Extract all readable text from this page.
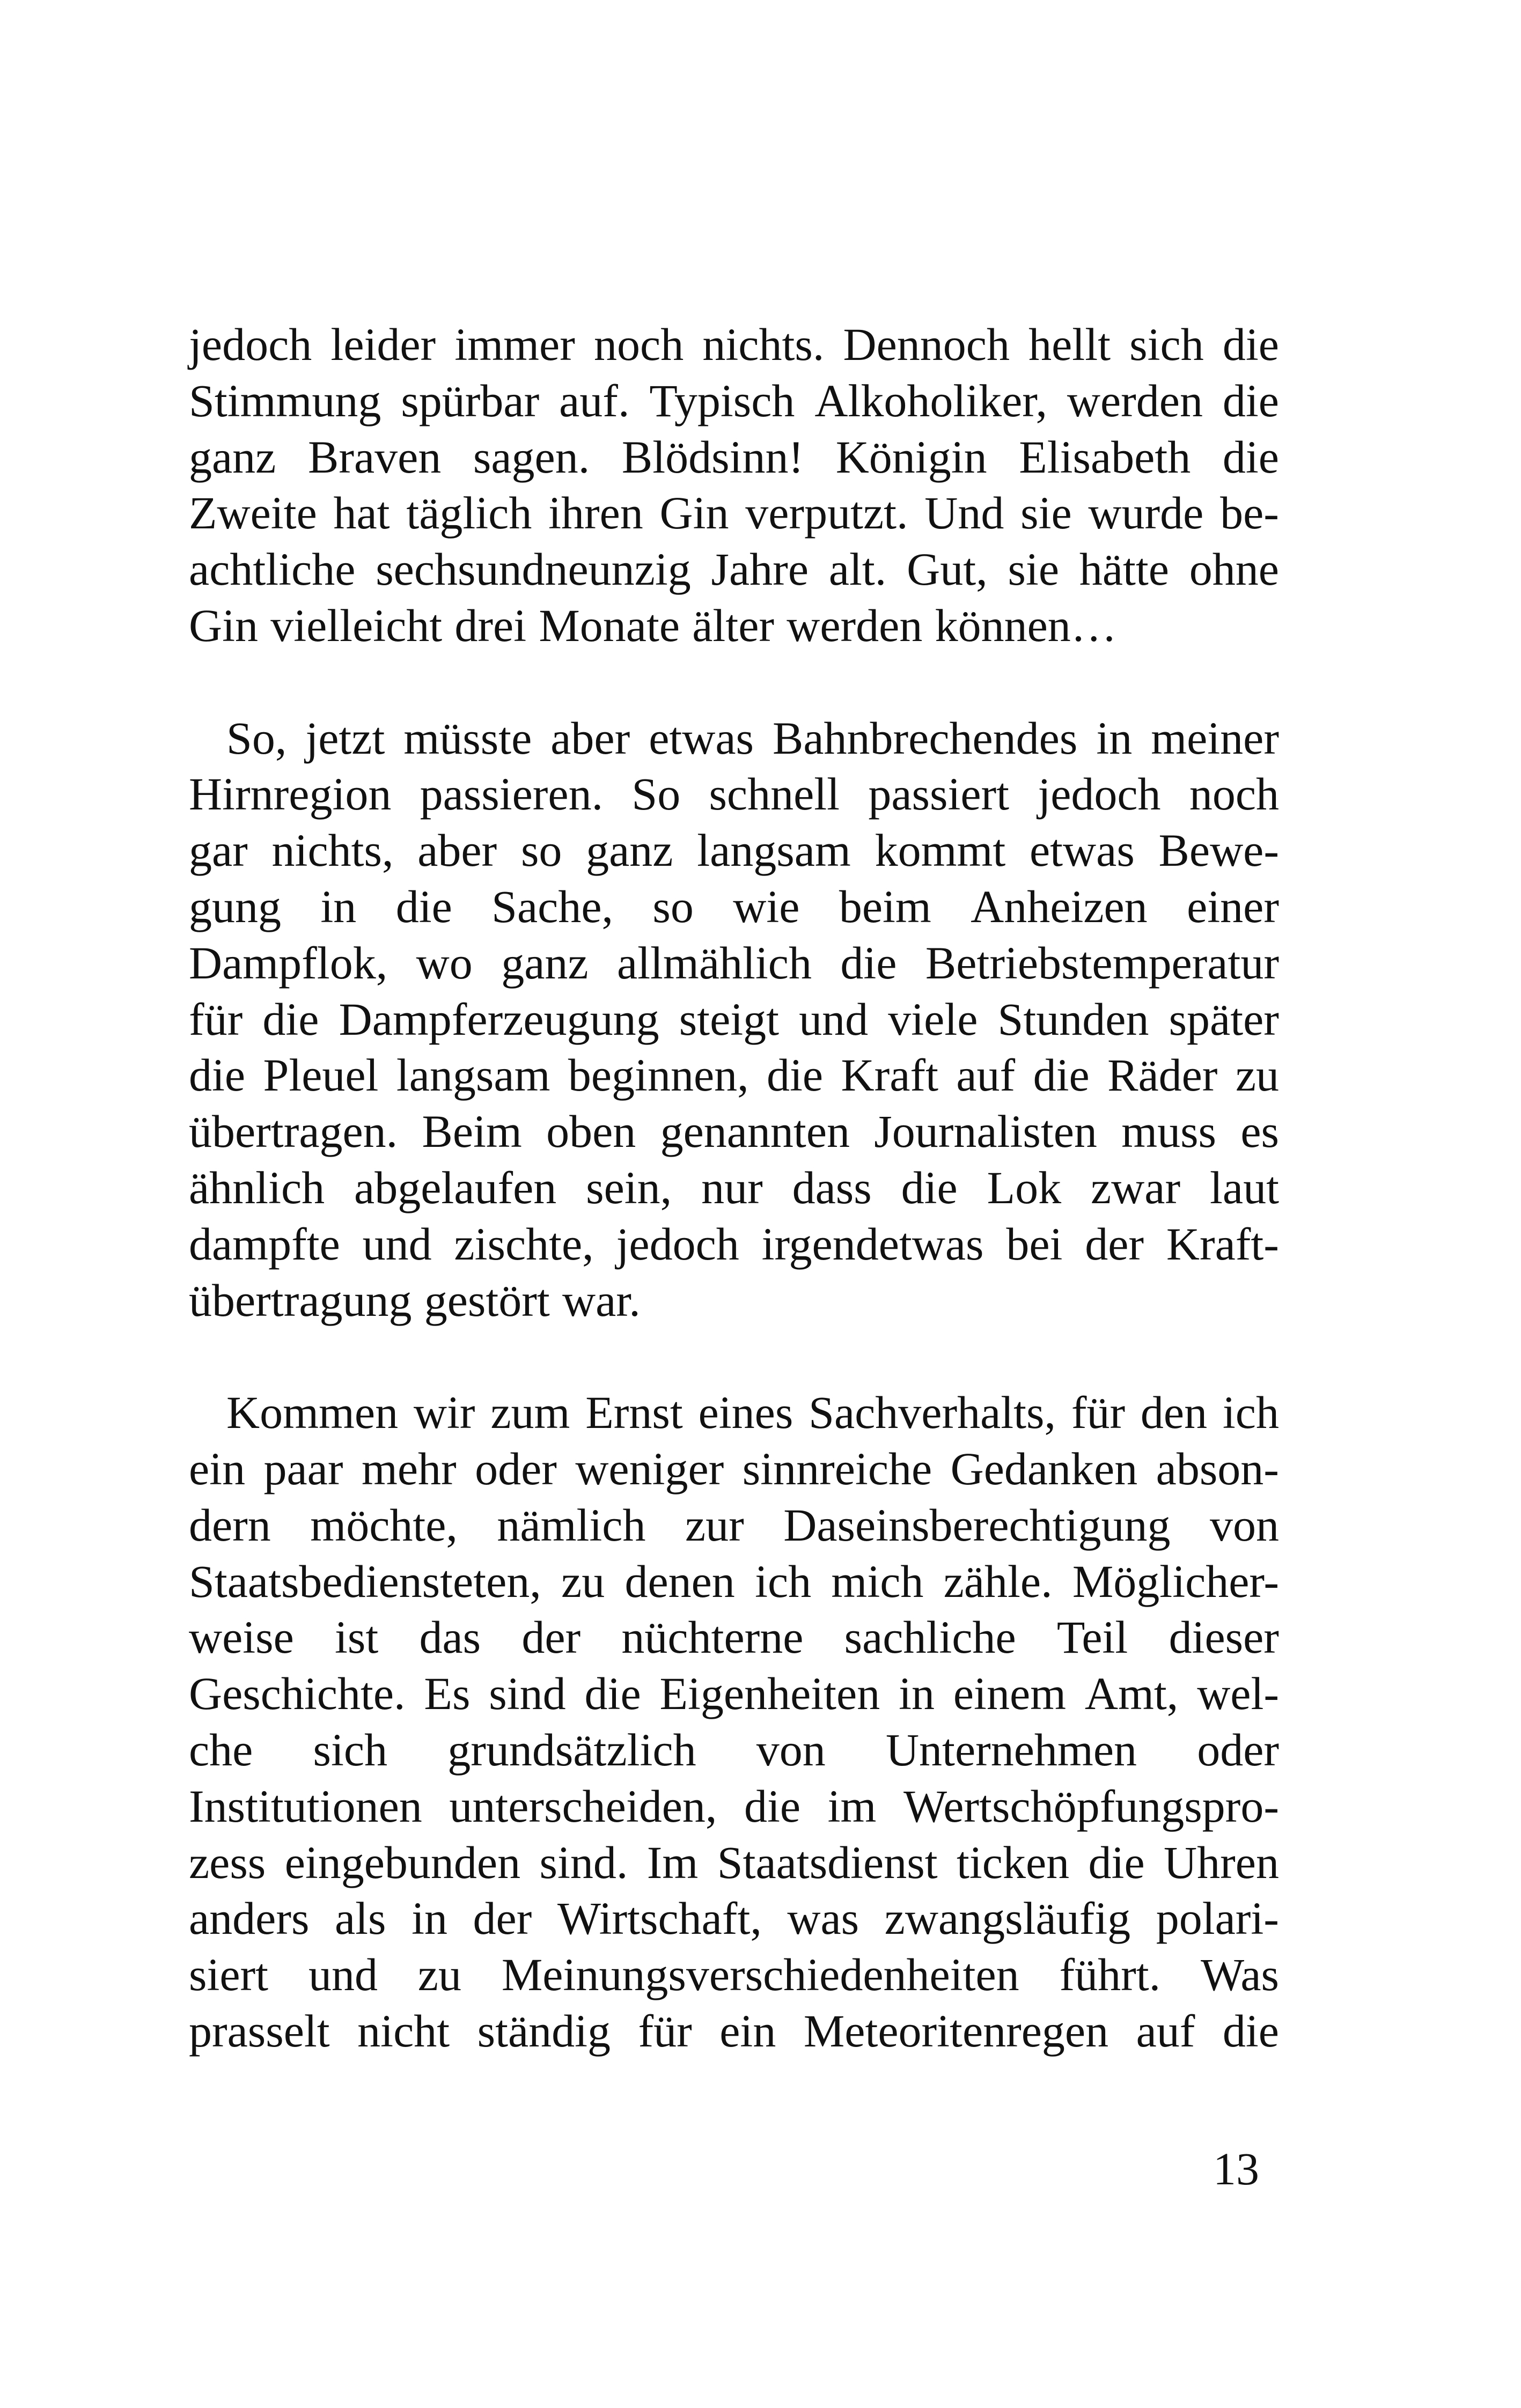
jedoch leider immer noch nichts. Dennoch hellt sich die
Stimmung spürbar auf. Typisch Alkoholiker, werden die
ganz Braven sagen. Blödsinn! Königin Elisabeth die
Zweite hat täglich ihren Gin verputzt. Und sie wurde be-
achtliche sechsundneunzig Jahre alt. Gut, sie hätte ohne
Gin vielleicht drei Monate älter werden können…
So, jetzt müsste aber etwas Bahnbrechendes in meiner
Hirnregion passieren. So schnell passiert jedoch noch
gar nichts, aber so ganz langsam kommt etwas Bewe-
gung in die Sache, so wie beim Anheizen einer
Dampflok, wo ganz allmählich die Betriebstemperatur
für die Dampferzeugung steigt und viele Stunden später
die Pleuel langsam beginnen, die Kraft auf die Räder zu
übertragen. Beim oben genannten Journalisten muss es
ähnlich abgelaufen sein, nur dass die Lok zwar laut
dampfte und zischte, jedoch irgendetwas bei der Kraft-
übertragung gestört war.
Kommen wir zum Ernst eines Sachverhalts, für den ich
ein paar mehr oder weniger sinnreiche Gedanken abson-
dern möchte, nämlich zur Daseinsberechtigung von
Staatsbediensteten, zu denen ich mich zähle. Möglicher-
weise ist das der nüchterne sachliche Teil dieser
Geschichte. Es sind die Eigenheiten in einem Amt, wel-
che sich grundsätzlich von Unternehmen oder
Institutionen unterscheiden, die im Wertschöpfungspro-
zess eingebunden sind. Im Staatsdienst ticken die Uhren
anders als in der Wirtschaft, was zwangsläufig polari-
siert und zu Meinungsverschiedenheiten führt. Was
prasselt nicht ständig für ein Meteoritenregen auf die
13
